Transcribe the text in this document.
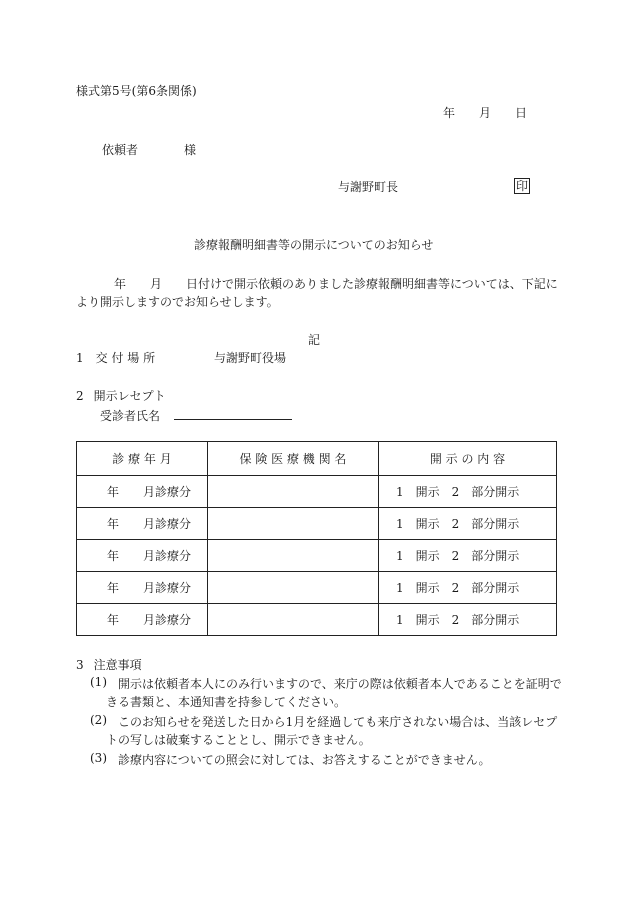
様式第5号(第6条関係)
年 月 日
依頼者	様
与謝野町長	印
診療報酬明細書等の開示についてのお知らせ
年 月 日付けで開示依頼のありました診療報酬明細書等については、下記に
より開示しますのでお知らせします。
記
1 交 付 場 所	与謝野町役場
2 開示レセプト
受診者氏名
診 療 年 月	保 険 医 療 機 関 名	開 示 の 内 容

年 月診療分		1　開示　2　部分開示

年 月診療分		1　開示　2　部分開示

年 月診療分		1　開示　2　部分開示

年 月診療分		1　開示　2　部分開示

年 月診療分		1　開示　2　部分開示
3 注意事項
(1) 開示は依頼者本人にのみ行いますので、来庁の際は依頼者本人であることを証明で
きる書類と、本通知書を持参してください。
(2) このお知らせを発送した日から1月を経過しても来庁されない場合は、当該レセプ
トの写しは破棄することとし、開示できません。
(3) 診療内容についての照会に対しては、お答えすることができません。
